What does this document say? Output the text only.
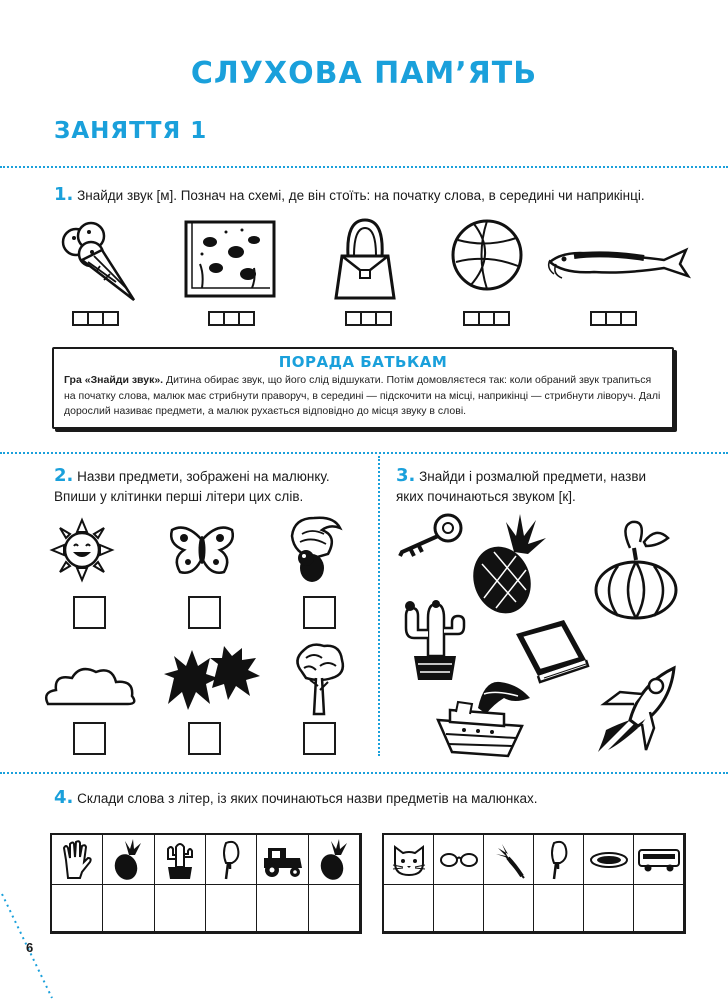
СЛУХОВА ПАМ’ЯТЬ
ЗАНЯТТЯ 1
1. Знайди звук [м]. Познач на схемі, де він стоїть: на початку слова, в середині чи наприкінці.
ПОРАДА БАТЬКАМ
Гра «Знайди звук». Дитина обирає звук, що його слід відшукати. Потім домовляєтеся так: коли обраний звук трапиться на початку слова, малюк має стрибнути праворуч, в середині — підскочити на місці, наприкінці — стрибнути ліворуч. Далі дорослий називає предмети, а малюк рухається відповідно до місця звуку в слові.
2. Назви предмети, зображені на малюнку.
Впиши у клітинки перші літери цих слів.
3. Знайди і розмалюй предмети, назви
яких починаються звуком [к].
4. Склади слова з літер, із яких починаються назви предметів на малюнках.
6
